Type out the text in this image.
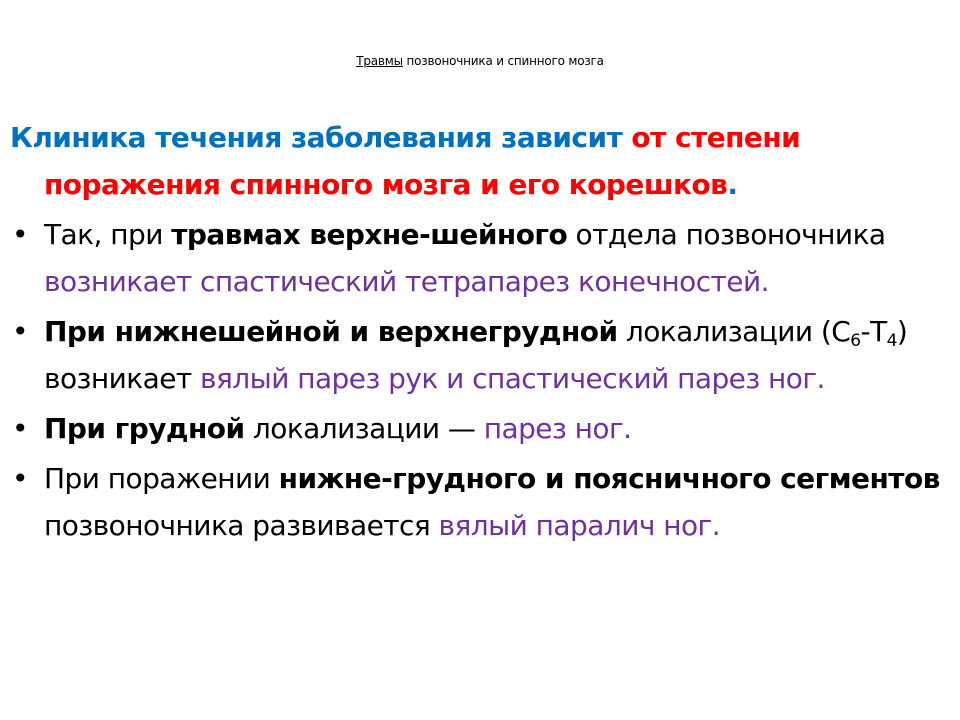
Травмы позвоночника и спинного мозга

Клиника течения заболевания зависит от степени поражения спинного мозга и его корешков.

• Так, при травмах верхне-шейного отдела позвоночника возникает спастический тетрапарез конечностей.
• При нижнешейной и верхнегрудной локализации $(C_6-Т_4)$ возникает вялый парез рук и спастический парез ног.
• При грудной локализации — парез ног.
• При поражении нижне-грудного и поясничного сегментов позвоночника развивается вялый паралич ног.
